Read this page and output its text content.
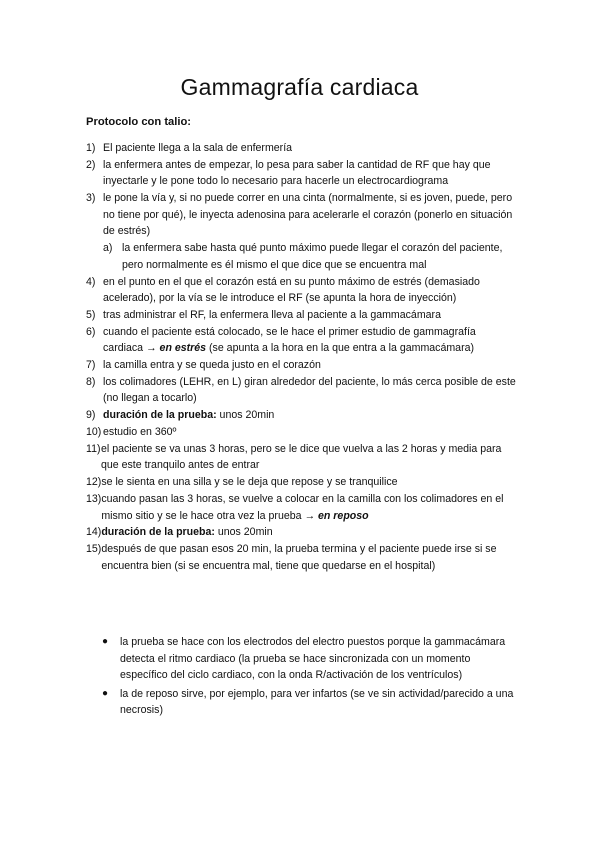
Gammagrafía cardiaca
Protocolo con talio:
1) El paciente llega a la sala de enfermería
2) la enfermera antes de empezar, lo pesa para saber la cantidad de RF que hay que inyectarle y le pone todo lo necesario para hacerle un electrocardiograma
3) le pone la vía y, si no puede correr en una cinta (normalmente, si es joven, puede, pero no tiene por qué), le inyecta adenosina para acelerarle el corazón (ponerlo en situación de estrés)
a) la enfermera sabe hasta qué punto máximo puede llegar el corazón del paciente, pero normalmente es él mismo el que dice que se encuentra mal
4) en el punto en el que el corazón está en su punto máximo de estrés (demasiado acelerado), por la vía se le introduce el RF (se apunta la hora de inyección)
5) tras administrar el RF, la enfermera lleva al paciente a la gammacámara
6) cuando el paciente está colocado, se le hace el primer estudio de gammagrafía cardiaca → en estrés (se apunta a la hora en la que entra a la gammacámara)
7) la camilla entra y se queda justo en el corazón
8) los colimadores (LEHR, en L) giran alrededor del paciente, lo más cerca posible de este (no llegan a tocarlo)
9) duración de la prueba: unos 20min
10) estudio en 360º
11) el paciente se va unas 3 horas, pero se le dice que vuelva a las 2 horas y media para que este tranquilo antes de entrar
12) se le sienta en una silla y se le deja que repose y se tranquilice
13) cuando pasan las 3 horas, se vuelve a colocar en la camilla con los colimadores en el mismo sitio y se le hace otra vez la prueba → en reposo
14) duración de la prueba: unos 20min
15) después de que pasan esos 20 min, la prueba termina y el paciente puede irse si se encuentra bien (si se encuentra mal, tiene que quedarse en el hospital)
●	la prueba se hace con los electrodos del electro puestos porque la gammacámara detecta el ritmo cardiaco (la prueba se hace sincronizada con un momento específico del ciclo cardiaco, con la onda R/activación de los ventrículos)
●	la de reposo sirve, por ejemplo, para ver infartos (se ve sin actividad/parecido a una necrosis)
